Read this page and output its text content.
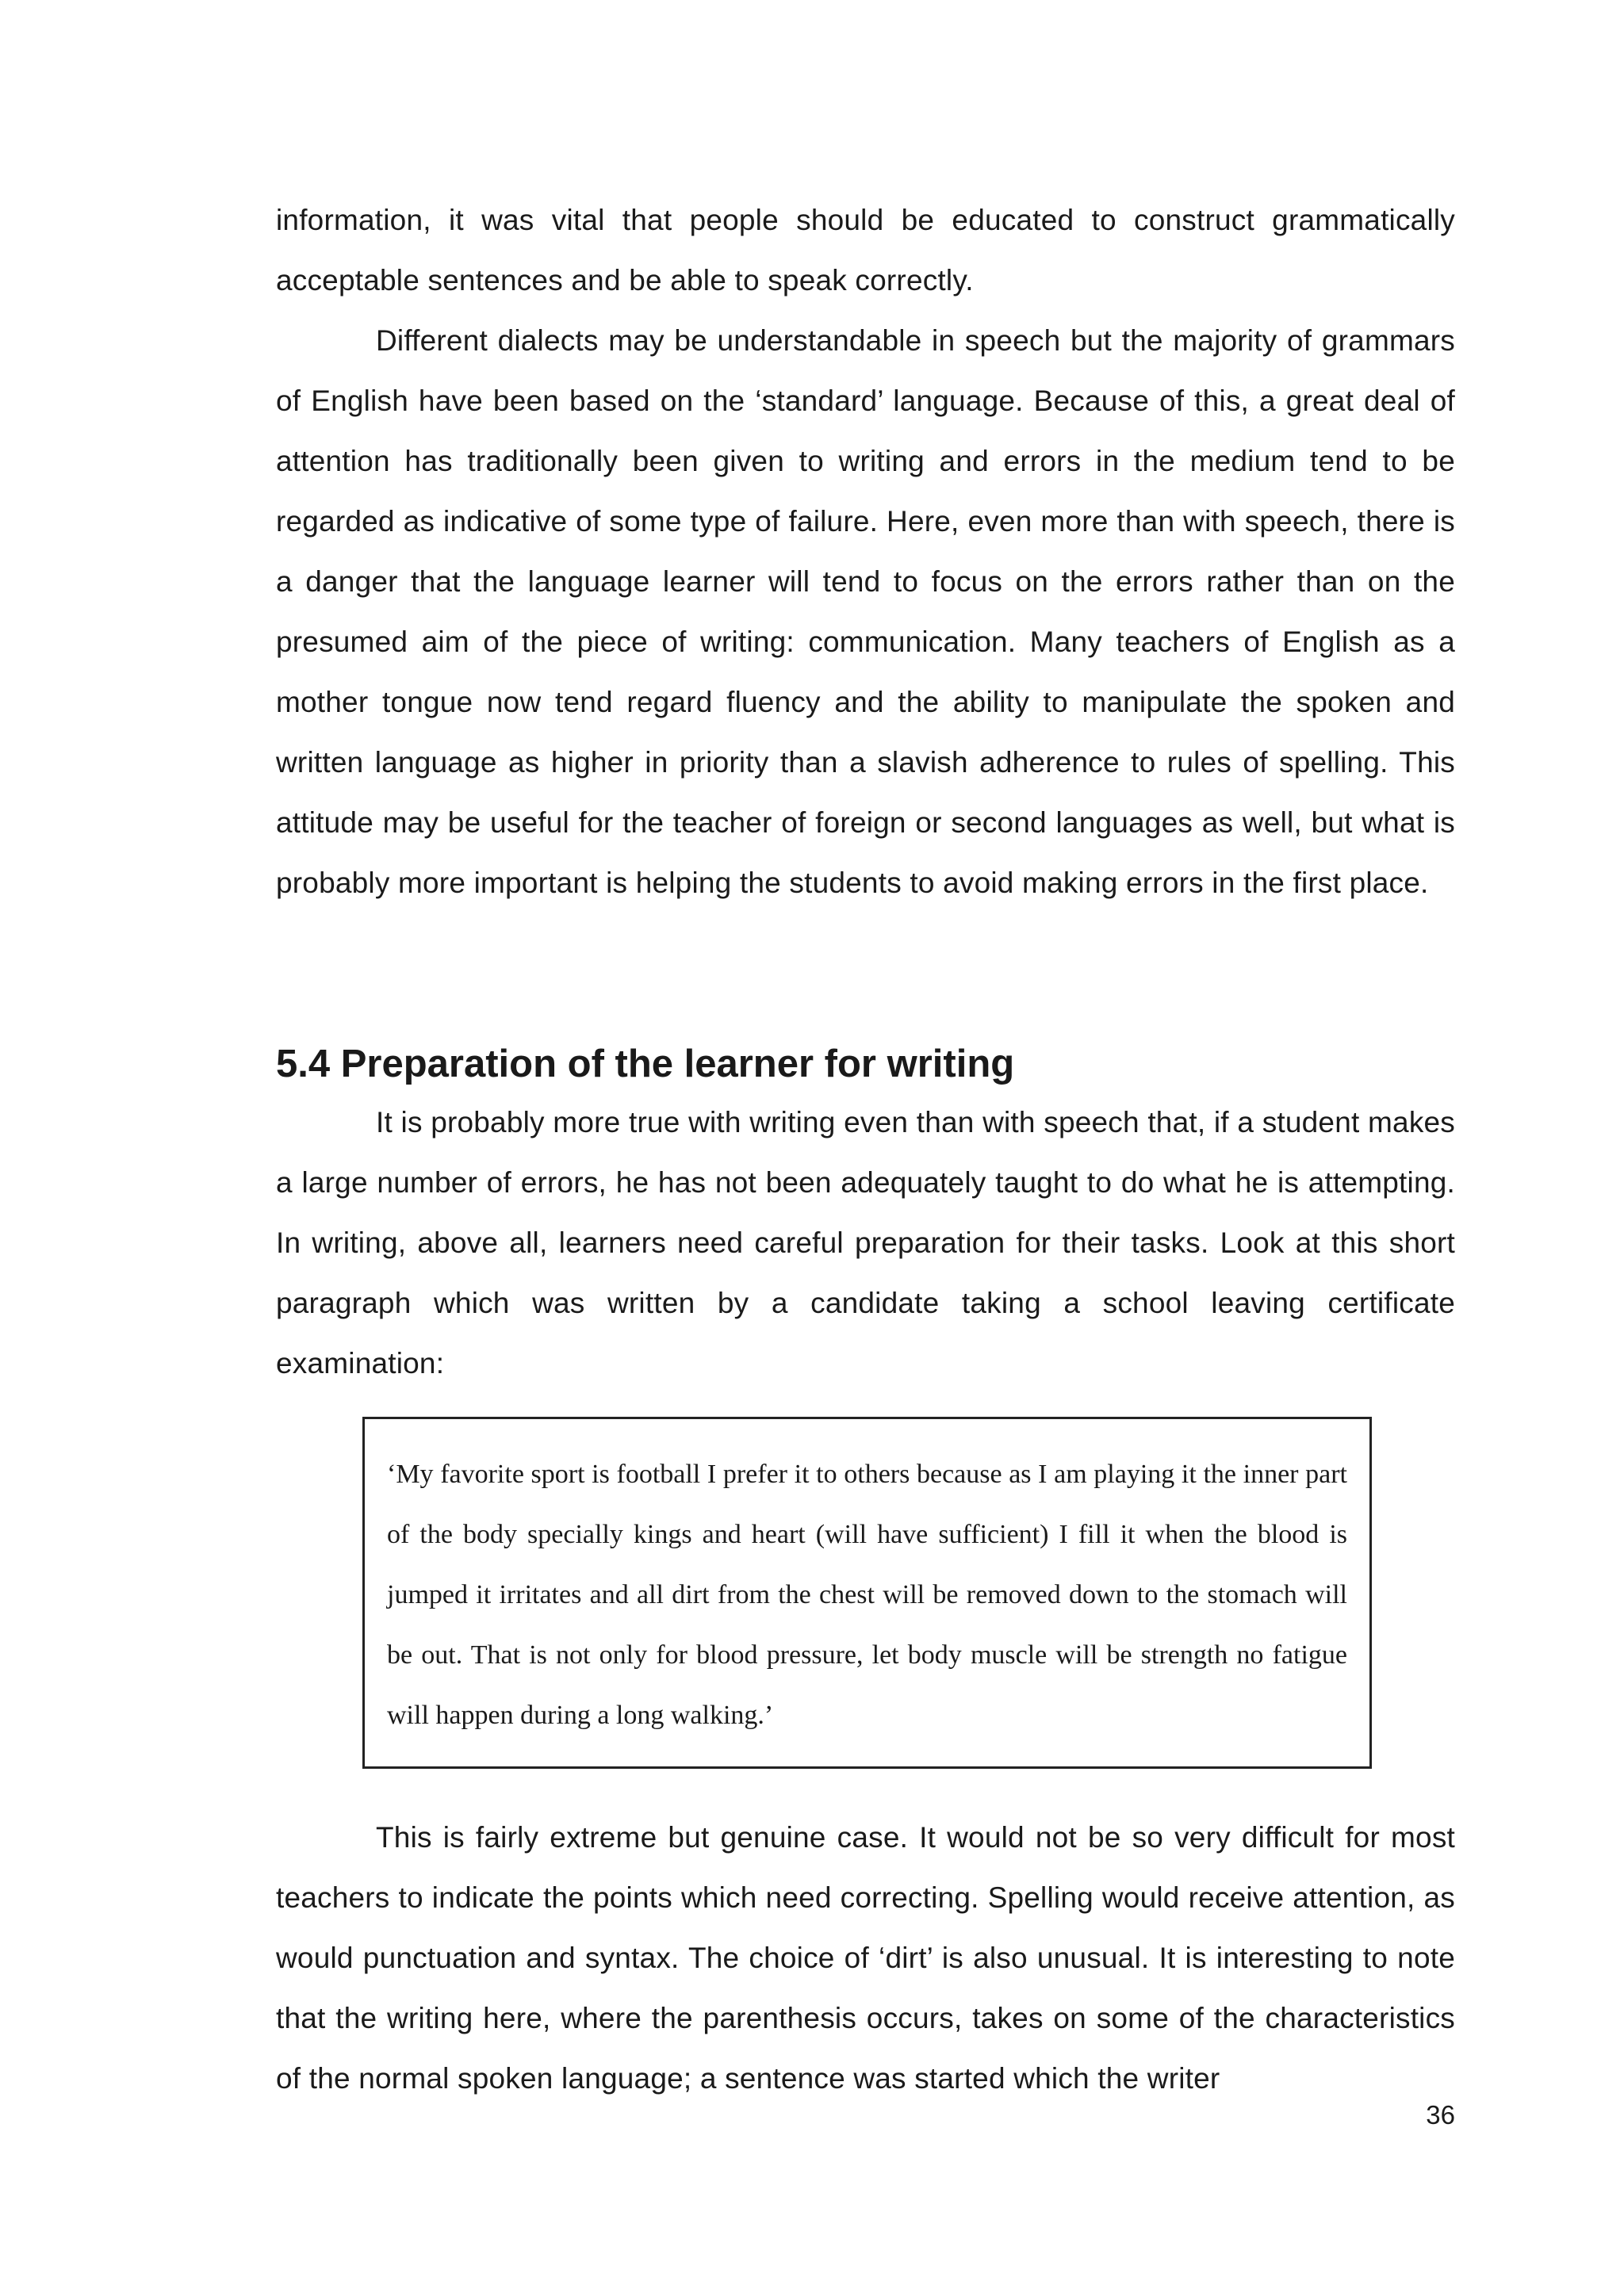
information, it was vital that people should be educated to construct grammatically acceptable sentences and be able to speak correctly.

Different dialects may be understandable in speech but the majority of grammars of English have been based on the ‘standard’ language. Because of this, a great deal of attention has traditionally been given to writing and errors in the medium tend to be regarded as indicative of some type of failure. Here, even more than with speech, there is a danger that the language learner will tend to focus on the errors rather than on the presumed aim of the piece of writing: communication. Many teachers of English as a mother tongue now tend regard fluency and the ability to manipulate the spoken and written language as higher in priority than a slavish adherence to rules of spelling. This attitude may be useful for the teacher of foreign or second languages as well, but what is probably more important is helping the students to avoid making errors in the first place.

5.4 Preparation of the learner for writing

It is probably more true with writing even than with speech that, if a student makes a large number of errors, he has not been adequately taught to do what he is attempting. In writing, above all, learners need careful preparation for their tasks. Look at this short paragraph which was written by a candidate taking a school leaving certificate examination:

‘My favorite sport is football I prefer it to others because as I am playing it the inner part of the body specially kings and heart (will have sufficient) I fill it when the blood is jumped it irritates and all dirt from the chest will be removed down to the stomach will be out. That is not only for blood pressure, let body muscle will be strength no fatigue will happen during a long walking.’

This is fairly extreme but genuine case. It would not be so very difficult for most teachers to indicate the points which need correcting. Spelling would receive attention, as would punctuation and syntax. The choice of ‘dirt’ is also unusual. It is interesting to note that the writing here, where the parenthesis occurs, takes on some of the characteristics of the normal spoken language; a sentence was started which the writer

36
